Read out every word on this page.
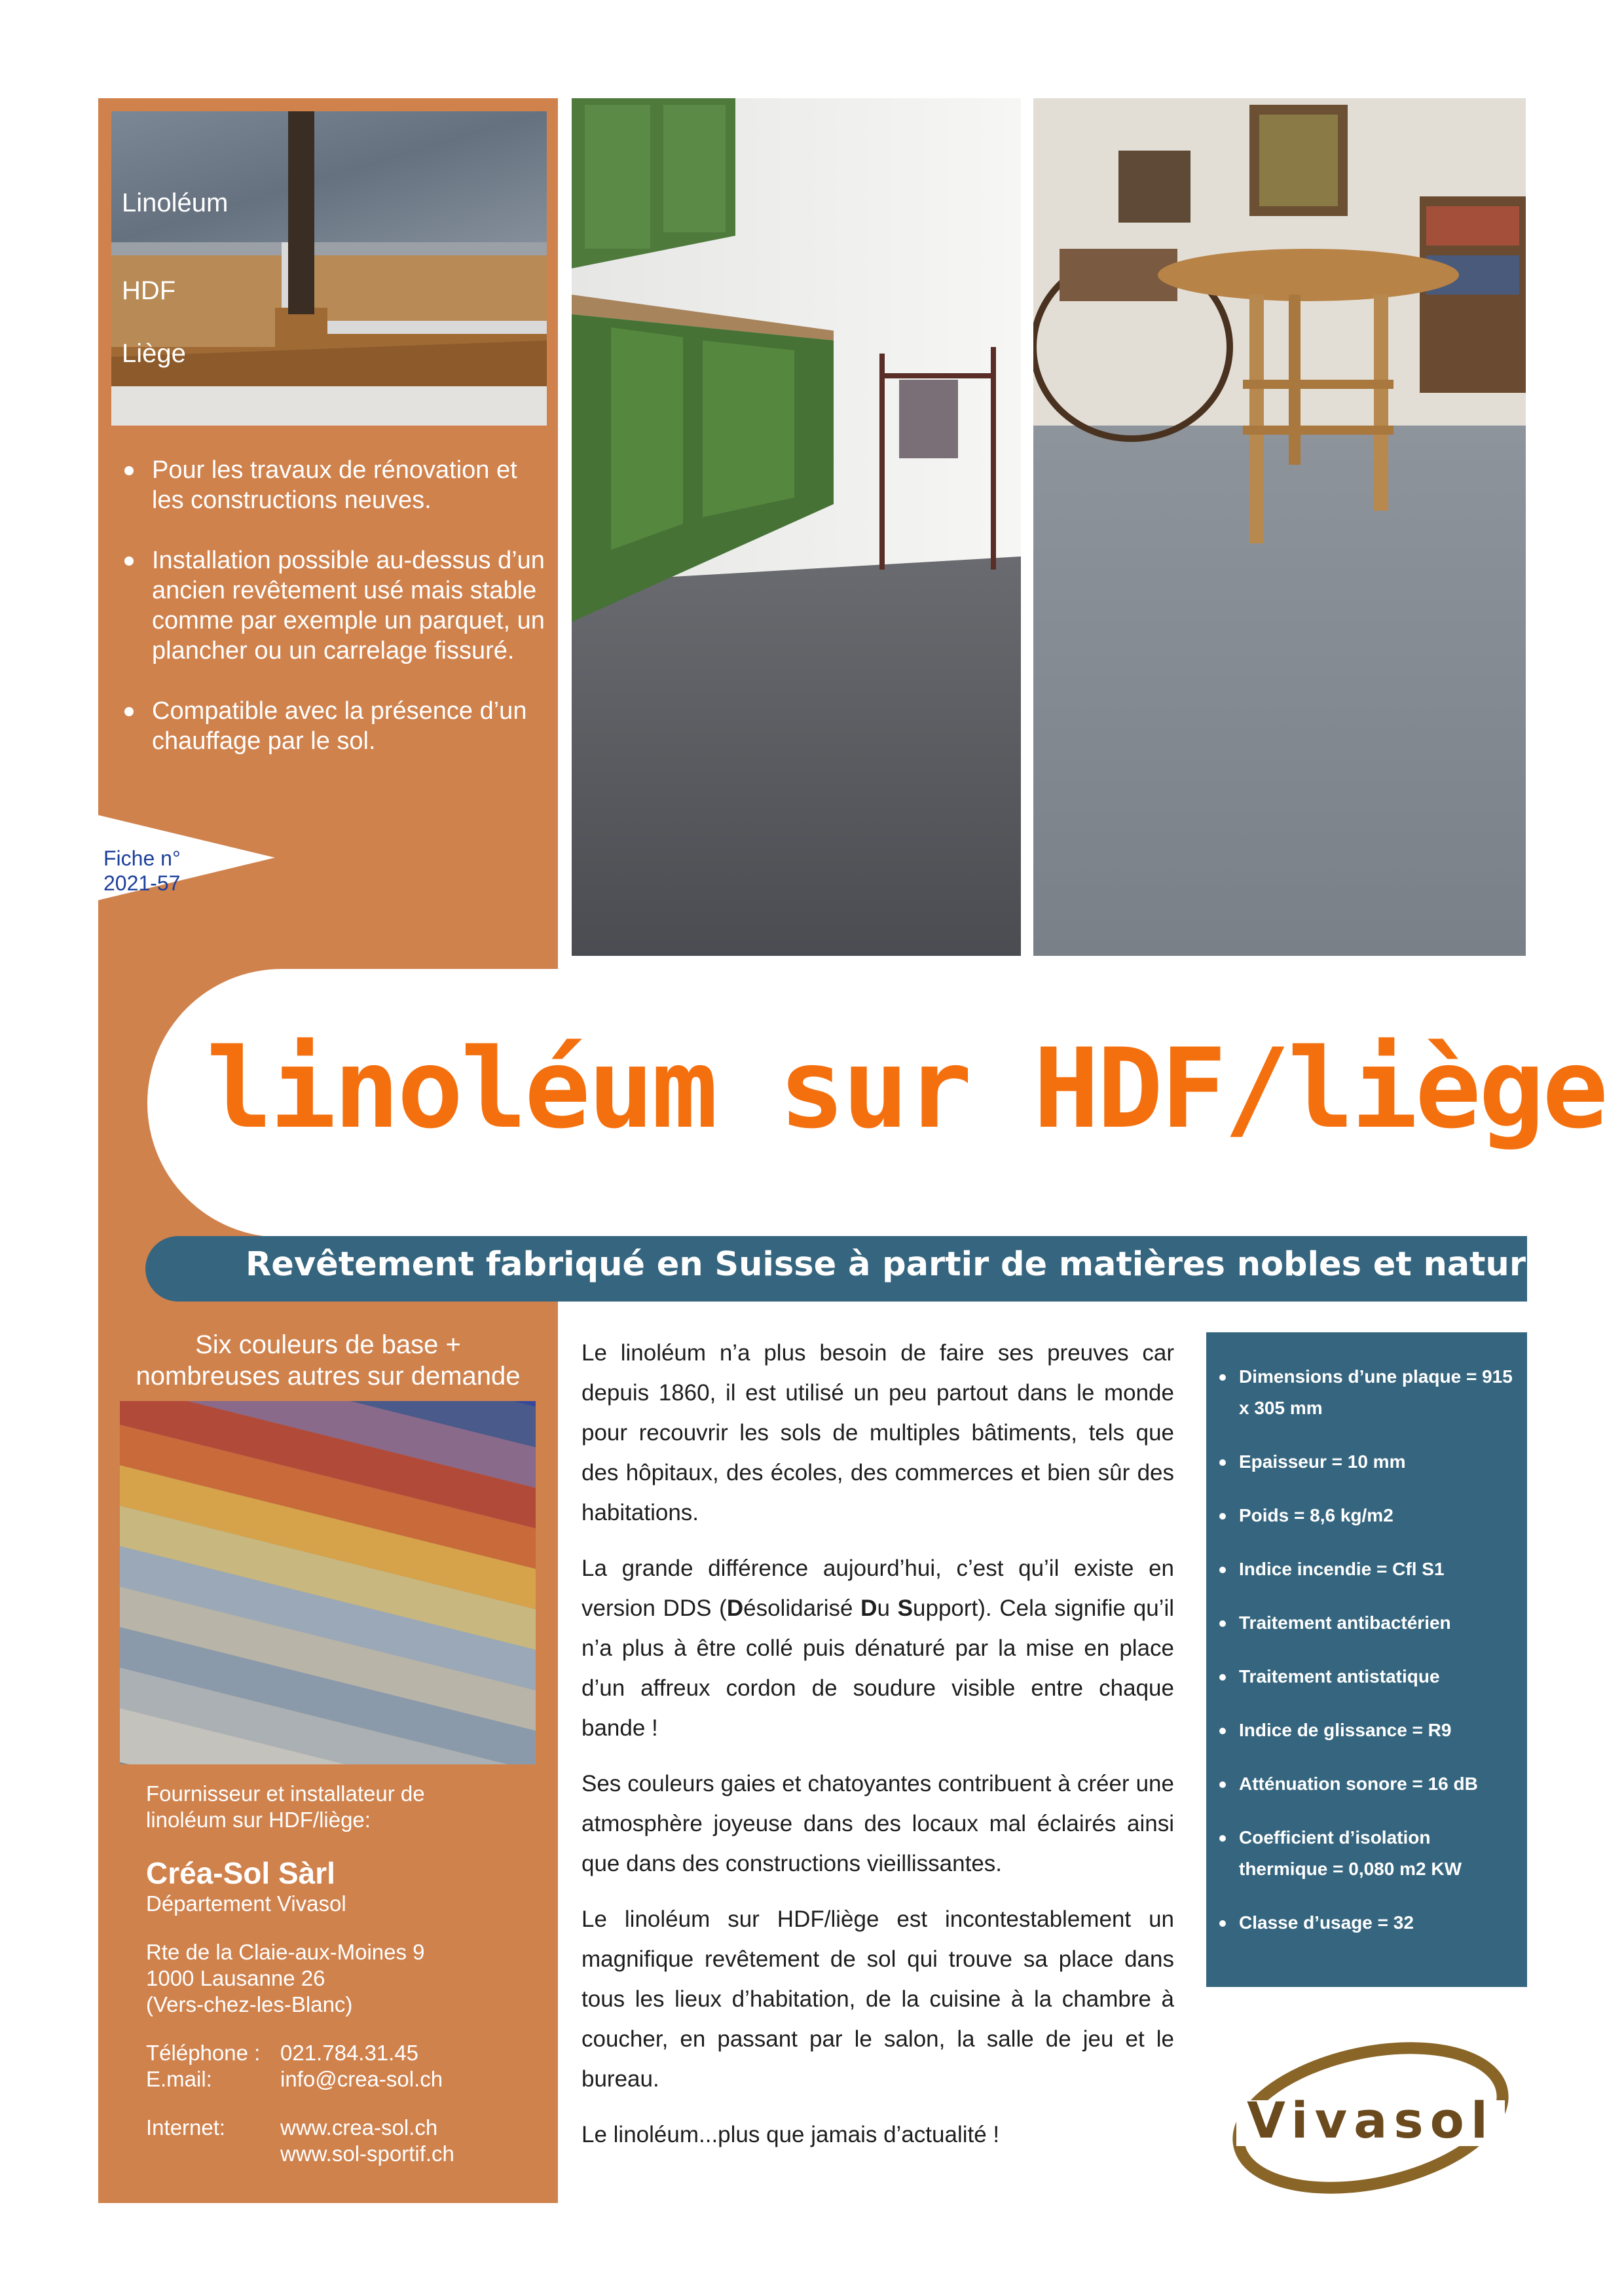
Linoléum
HDF
Liège
Pour les travaux de rénovation et les constructions neuves.
Installation possible au-dessus d’un ancien revêtement usé mais stable comme par exemple un parquet, un plancher ou un carrelage fissuré.
Compatible avec la présence d’un chauffage par le sol.
Fiche n°
2021-57
linoléum sur HDF/liège
Revêtement fabriqué en Suisse à partir de matières nobles et naturelles
Six couleurs de base +
nombreuses autres sur demande
Fournisseur et installateur de
linoléum sur HDF/liège:
Créa-Sol Sàrl
Département Vivasol
Rte de la Claie-aux-Moines 9
1000 Lausanne 26
(Vers-chez-les-Blanc)
Téléphone : 021.784.31.45
E.mail:	info@crea-sol.ch
Internet:	www.crea-sol.ch
www.sol-sportif.ch

Le linoléum n’a plus besoin de faire ses preuves car depuis 1860, il est utilisé un peu partout dans le monde pour recouvrir les sols de multiples bâtiments, tels que des hôpitaux, des écoles, des commerces et bien sûr des habitations.

La grande différence aujourd’hui, c’est qu’il existe en version DDS (Désolidarisé Du Support). Cela signifie qu’il n’a plus à être collé puis dénaturé par la mise en place d’un affreux cordon de soudure visible entre chaque bande !

Ses couleurs gaies et chatoyantes contribuent à créer une atmosphère joyeuse dans des locaux mal éclairés ainsi que dans des constructions vieillissantes.

Le linoléum sur HDF/liège est incontestablement un magnifique revêtement de sol qui trouve sa place dans tous les lieux d’habitation, de la cuisine à la chambre à coucher, en passant par le salon, la salle de jeu et le bureau.

Le linoléum...plus que jamais d’actualité !

Dimensions d’une plaque = 915 x 305 mm
Epaisseur = 10 mm
Poids = 8,6 kg/m2
Indice incendie = Cfl S1
Traitement antibactérien
Traitement antistatique
Indice de glissance = R9
Atténuation sonore = 16 dB
Coefficient d’isolation thermique = 0,080 m2 KW
Classe d’usage = 32
Vivasol
